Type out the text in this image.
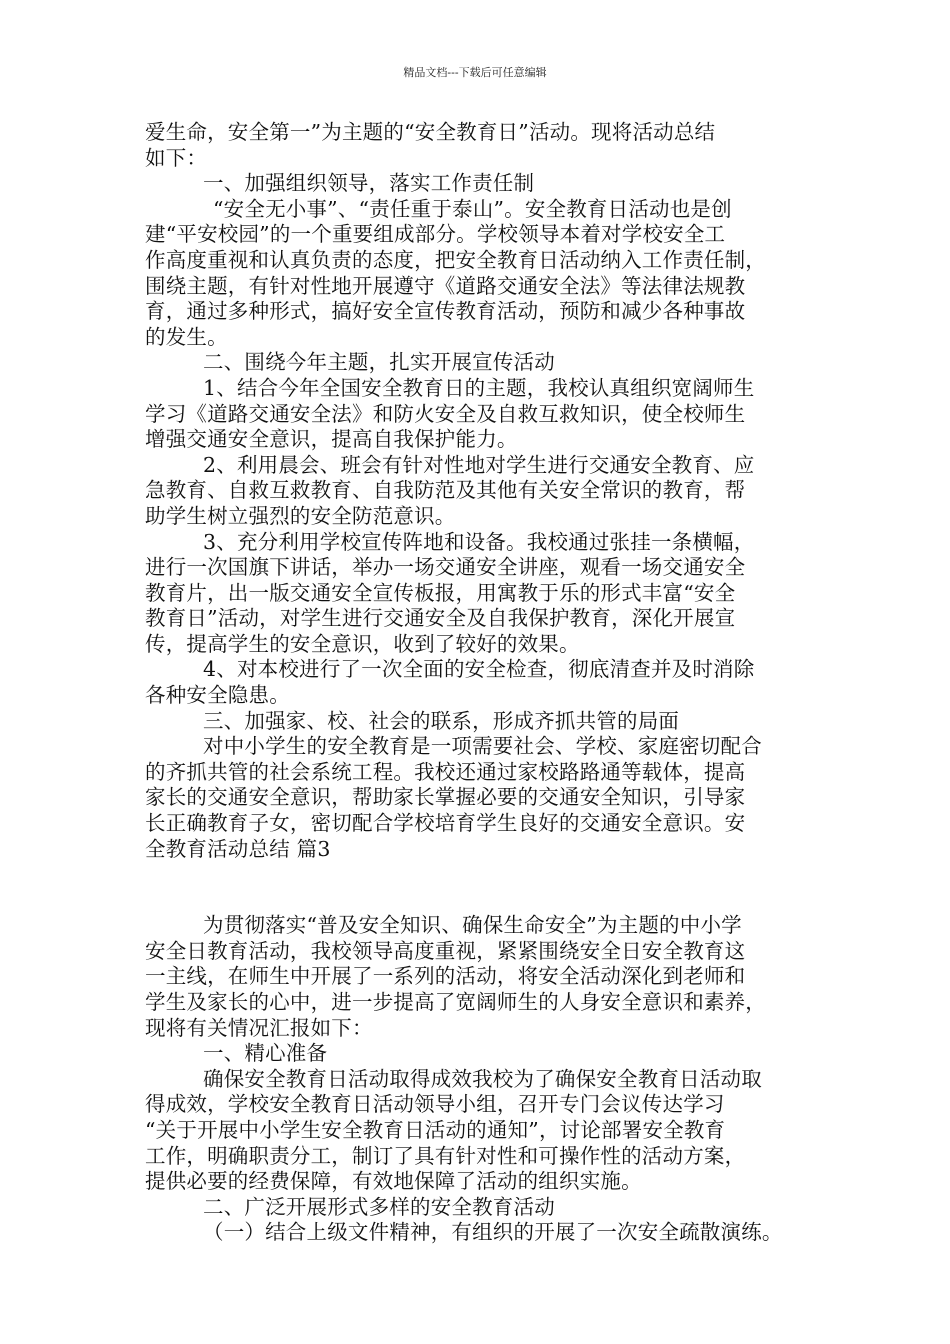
精品文档---下载后可任意编辑

爱生命，安全第一”为主题的“安全教育日”活动。现将活动总结

如下：

一、加强组织领导，落实工作责任制

“安全无小事”、“责任重于泰山”。安全教育日活动也是创

建“平安校园”的一个重要组成部分。学校领导本着对学校安全工

作高度重视和认真负责的态度，把安全教育日活动纳入工作责任制，

围绕主题，有针对性地开展遵守《道路交通安全法》等法律法规教

育，通过多种形式，搞好安全宣传教育活动，预防和减少各种事故

的发生。

二、围绕今年主题，扎实开展宣传活动

1、结合今年全国安全教育日的主题，我校认真组织宽阔师生

学习《道路交通安全法》和防火安全及自救互救知识，使全校师生

增强交通安全意识，提高自我保护能力。

2、利用晨会、班会有针对性地对学生进行交通安全教育、应

急教育、自救互救教育、自我防范及其他有关安全常识的教育，帮

助学生树立强烈的安全防范意识。

3、充分利用学校宣传阵地和设备。我校通过张挂一条横幅，

进行一次国旗下讲话，举办一场交通安全讲座，观看一场交通安全

教育片，出一版交通安全宣传板报，用寓教于乐的形式丰富“安全

教育日”活动，对学生进行交通安全及自我保护教育，深化开展宣

传，提高学生的安全意识，收到了较好的效果。

4、对本校进行了一次全面的安全检查，彻底清查并及时消除

各种安全隐患。

三、加强家、校、社会的联系，形成齐抓共管的局面

对中小学生的安全教育是一项需要社会、学校、家庭密切配合

的齐抓共管的社会系统工程。我校还通过家校路路通等载体，提高

家长的交通安全意识，帮助家长掌握必要的交通安全知识，引导家

长正确教育子女，密切配合学校培育学生良好的交通安全意识。安

全教育活动总结 篇3

为贯彻落实“普及安全知识、确保生命安全”为主题的中小学

安全日教育活动，我校领导高度重视，紧紧围绕安全日安全教育这

一主线，在师生中开展了一系列的活动，将安全活动深化到老师和

学生及家长的心中，进一步提高了宽阔师生的人身安全意识和素养，

现将有关情况汇报如下：

一、精心准备

确保安全教育日活动取得成效我校为了确保安全教育日活动取

得成效，学校安全教育日活动领导小组，召开专门会议传达学习

“关于开展中小学生安全教育日活动的通知”，讨论部署安全教育

工作，明确职责分工，制订了具有针对性和可操作性的活动方案，

提供必要的经费保障，有效地保障了活动的组织实施。

二、广泛开展形式多样的安全教育活动

（一）结合上级文件精神，有组织的开展了一次安全疏散演练。
